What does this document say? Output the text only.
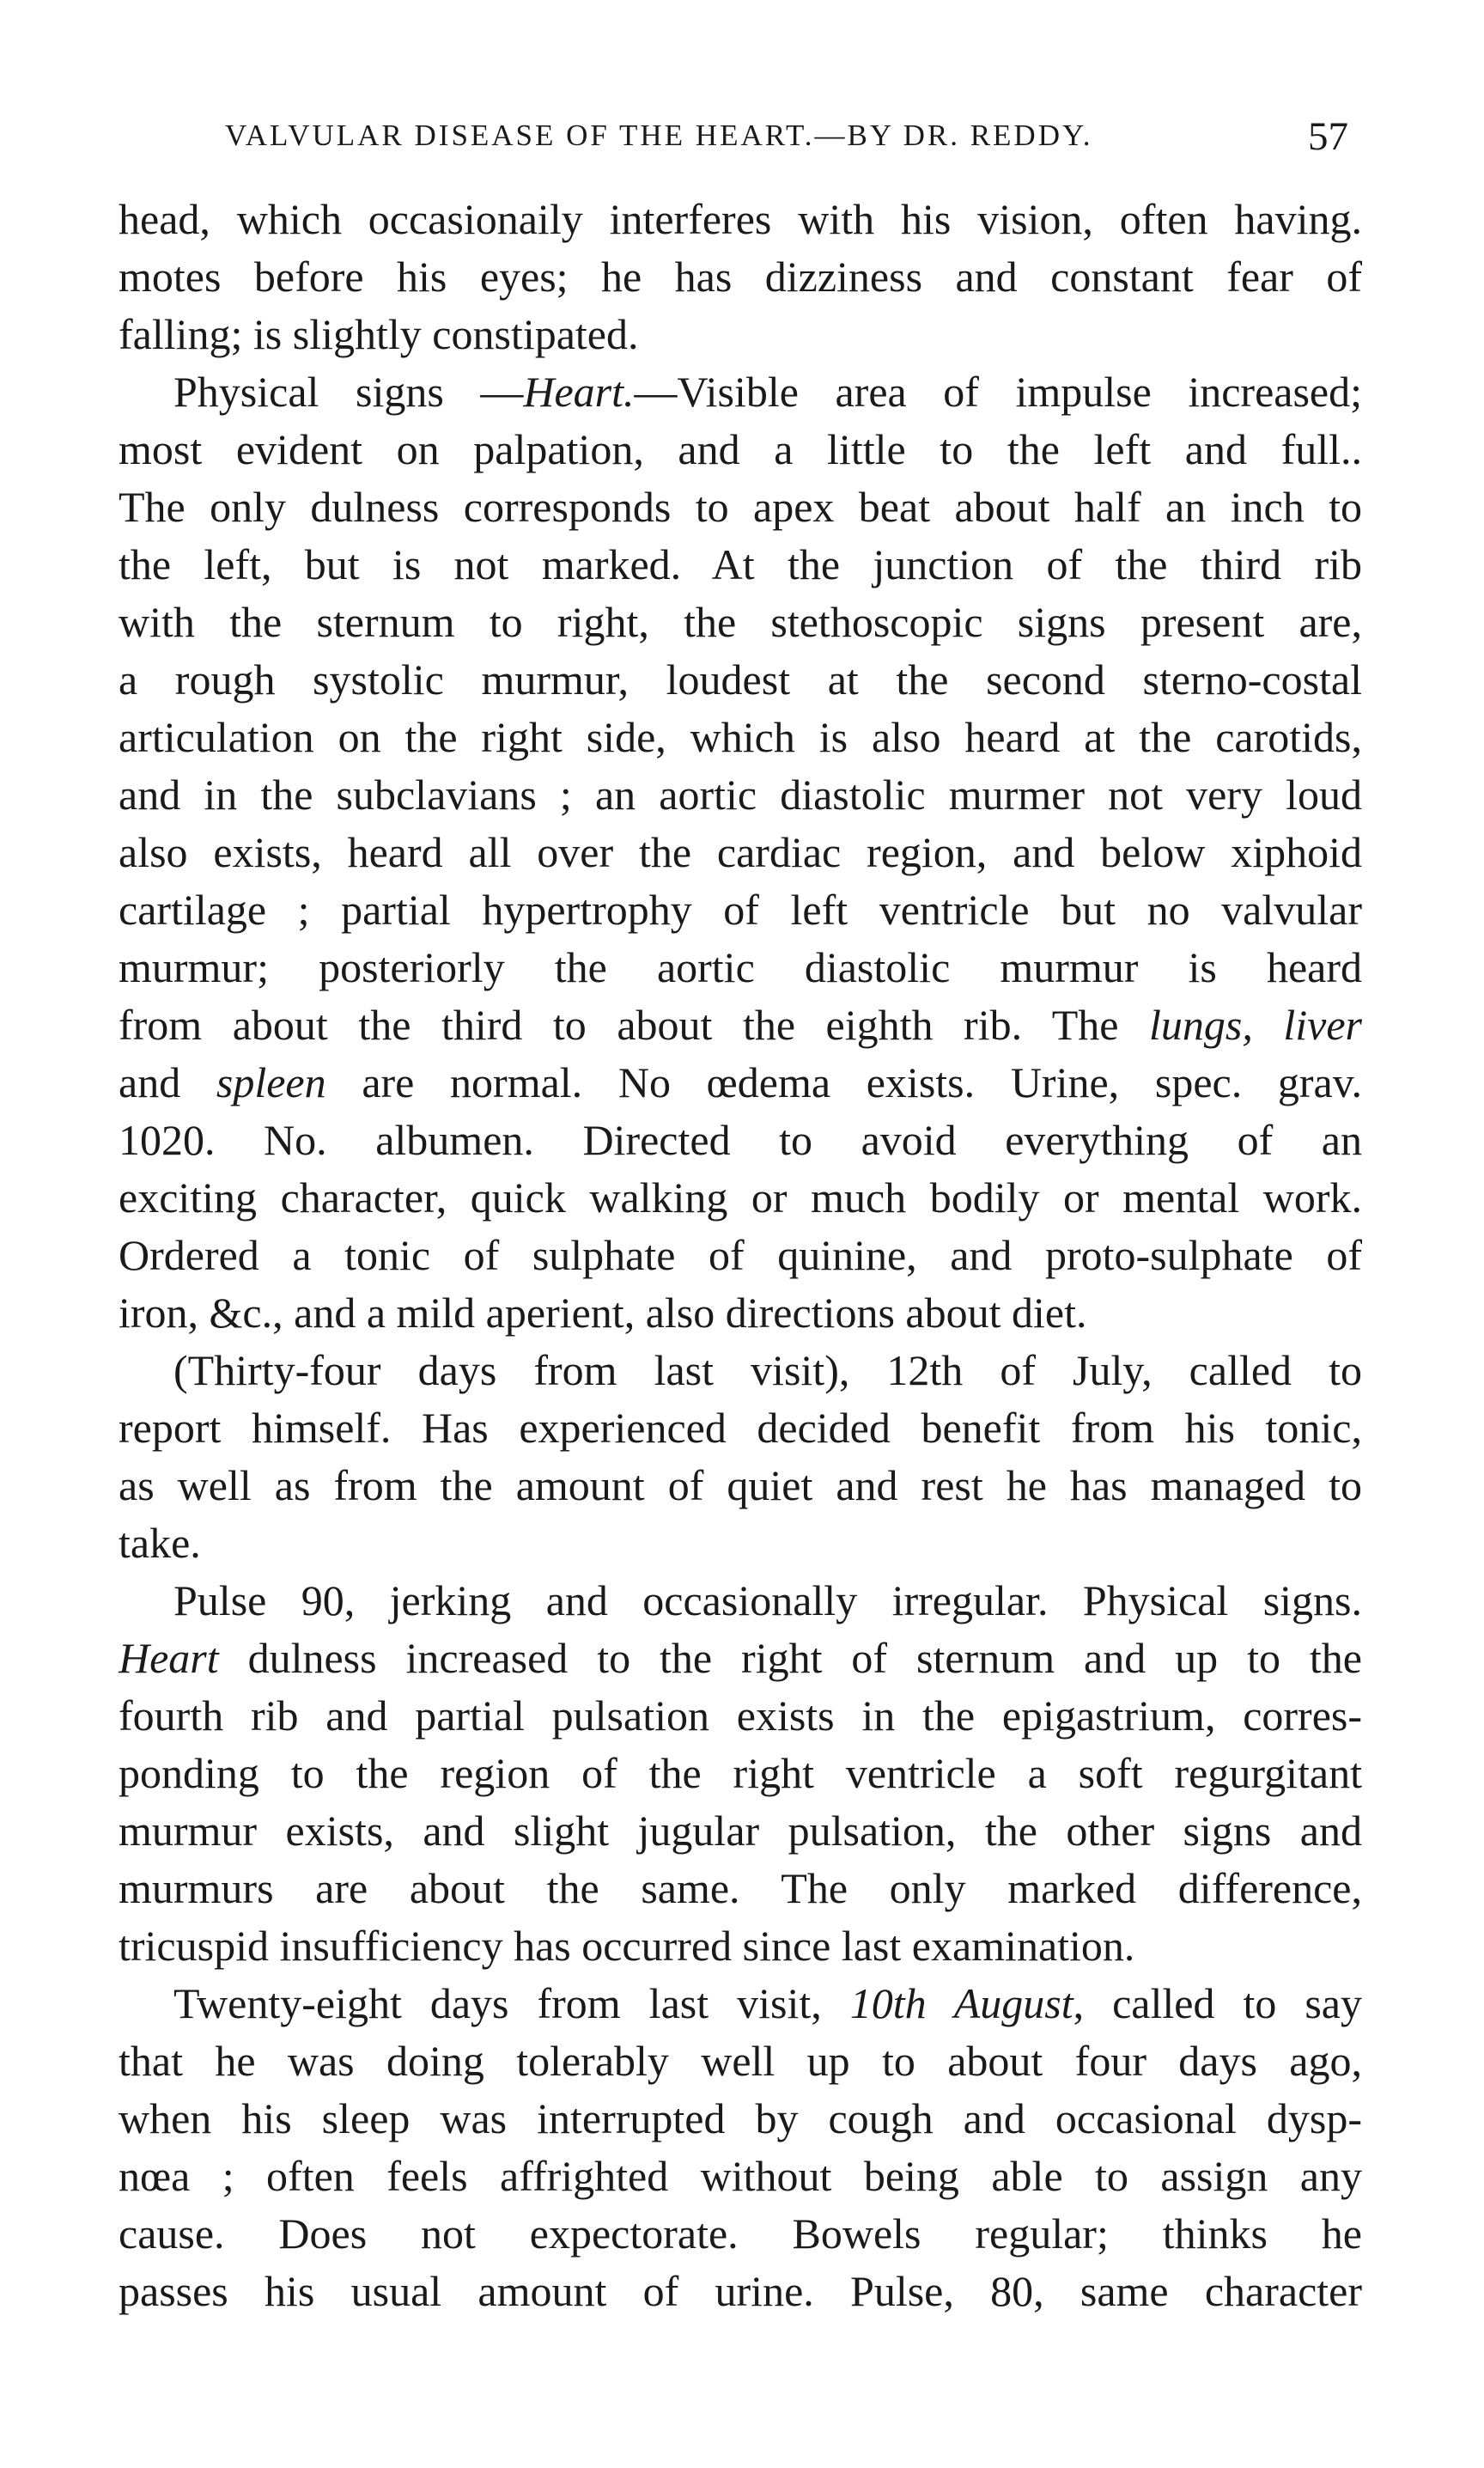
VALVULAR DISEASE OF THE HEART.—BY DR. REDDY.	57
head, which occasionaily interferes with his vision, often having.
motes before his eyes; he has dizziness and constant fear of
falling; is slightly constipated.
Physical signs —Heart.—Visible area of impulse increased;
most evident on palpation, and a little to the left and full..
The only dulness corresponds to apex beat about half an inch to
the left, but is not marked. At the junction of the third rib
with the sternum to right, the stethoscopic signs present are,
a rough systolic murmur, loudest at the second sterno-costal
articulation on the right side, which is also heard at the carotids,
and in the subclavians ; an aortic diastolic murmer not very loud
also exists, heard all over the cardiac region, and below xiphoid
cartilage ; partial hypertrophy of left ventricle but no valvular
murmur; posteriorly the aortic diastolic murmur is heard
from about the third to about the eighth rib. The lungs, liver
and spleen are normal. No œdema exists. Urine, spec. grav.
1020. No. albumen. Directed to avoid everything of an
exciting character, quick walking or much bodily or mental work.
Ordered a tonic of sulphate of quinine, and proto-sulphate of
iron, &c., and a mild aperient, also directions about diet.
(Thirty-four days from last visit), 12th of July, called to
report himself. Has experienced decided benefit from his tonic,
as well as from the amount of quiet and rest he has managed to
take.
Pulse 90, jerking and occasionally irregular. Physical signs.
Heart dulness increased to the right of sternum and up to the
fourth rib and partial pulsation exists in the epigastrium, corres-
ponding to the region of the right ventricle a soft regurgitant
murmur exists, and slight jugular pulsation, the other signs and
murmurs are about the same. The only marked difference,
tricuspid insufficiency has occurred since last examination.
Twenty-eight days from last visit, 10th August, called to say
that he was doing tolerably well up to about four days ago,
when his sleep was interrupted by cough and occasional dysp-
nœa ; often feels affrighted without being able to assign any
cause. Does not expectorate. Bowels regular; thinks he
passes his usual amount of urine. Pulse, 80, same character
